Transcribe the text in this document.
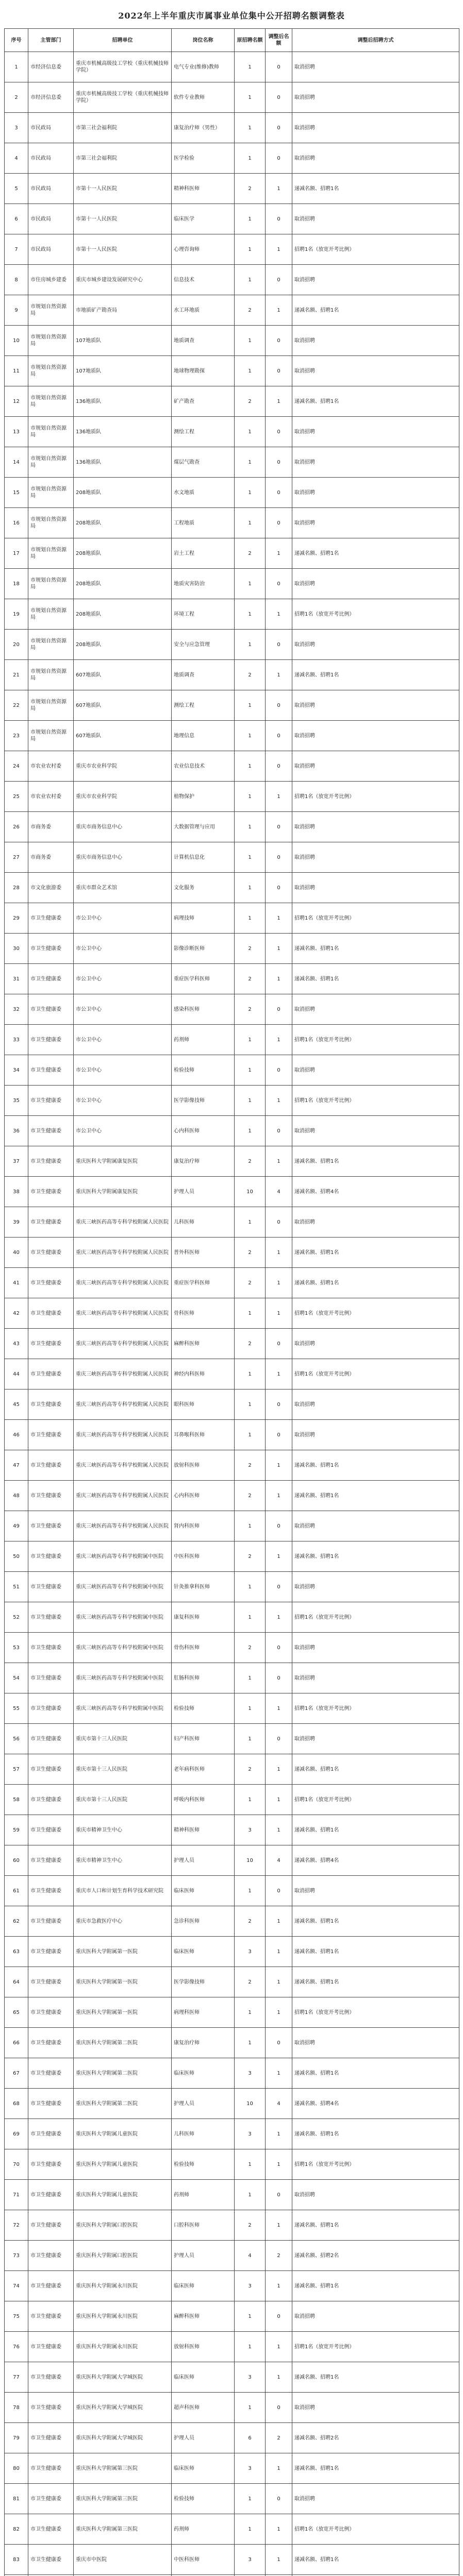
2022年上半年重庆市属事业单位集中公开招聘名额调整表
序号	主管部门	招聘单位	岗位名称	原招聘名额	调整后名额	调整后招聘方式
1	市经济信息委	重庆市机械高级技工学校（重庆机械技师学院）	电气专业(维修)教师	1	0	取消招聘
2	市经济信息委	重庆市机械高级技工学校（重庆机械技师学院）	软件专业教师	1	0	取消招聘
3	市民政局	市第三社会福利院	康复治疗师（男性）	1	0	取消招聘
4	市民政局	市第三社会福利院	医学检验	1	0	取消招聘
5	市民政局	市第十一人民医院	精神科医师	2	1	递减名额、招聘1名
6	市民政局	市第十一人民医院	临床医学	1	0	取消招聘
7	市民政局	市第十一人民医院	心理咨询师	1	1	招聘1名（放宽开考比例）
8	市住房城乡建委	重庆市城乡建设发展研究中心	信息技术	1	0	取消招聘
9	市规划自然资源局	市地质矿产勘查局	水工环地质	2	1	递减名额、招聘1名
10	市规划自然资源局	107地质队	地质调查	1	0	取消招聘
11	市规划自然资源局	107地质队	地球物理勘探	1	0	取消招聘
12	市规划自然资源局	136地质队	矿产勘查	2	1	递减名额、招聘1名
13	市规划自然资源局	136地质队	测绘工程	1	0	取消招聘
14	市规划自然资源局	136地质队	煤层气勘查	1	0	取消招聘
15	市规划自然资源局	208地质队	水文地质	1	0	取消招聘
16	市规划自然资源局	208地质队	工程地质	1	0	取消招聘
17	市规划自然资源局	208地质队	岩土工程	2	1	递减名额、招聘1名
18	市规划自然资源局	208地质队	地质灾害防治	1	0	取消招聘
19	市规划自然资源局	208地质队	环境工程	1	1	招聘1名（放宽开考比例）
20	市规划自然资源局	208地质队	安全与应急管理	1	0	取消招聘
21	市规划自然资源局	607地质队	地质调查	2	1	递减名额、招聘1名
22	市规划自然资源局	607地质队	测绘工程	1	0	取消招聘
23	市规划自然资源局	607地质队	地理信息	1	0	取消招聘
24	市农业农村委	重庆市农业科学院	农业信息技术	1	0	取消招聘
25	市农业农村委	重庆市农业科学院	植物保护	1	1	招聘1名（放宽开考比例）
26	市商务委	重庆市商务信息中心	大数据管理与应用	1	0	取消招聘
27	市商务委	重庆市商务信息中心	计算机信息化	1	0	取消招聘
28	市文化旅游委	重庆市群众艺术馆	文化服务	1	0	取消招聘
29	市卫生健康委	市公卫中心	病理技师	1	1	招聘1名（放宽开考比例）
30	市卫生健康委	市公卫中心	影像诊断医师	2	1	递减名额、招聘1名
31	市卫生健康委	市公卫中心	重症医学科医师	2	1	递减名额、招聘1名
32	市卫生健康委	市公卫中心	感染科医师	2	0	取消招聘
33	市卫生健康委	市公卫中心	药剂师	1	1	招聘1名（放宽开考比例）
34	市卫生健康委	市公卫中心	检验技师	1	0	取消招聘
35	市卫生健康委	市公卫中心	医学影像技师	1	1	招聘1名（放宽开考比例）
36	市卫生健康委	市公卫中心	心内科医师	1	0	取消招聘
37	市卫生健康委	重庆医科大学附属康复医院	康复治疗师	2	1	递减名额、招聘1名
38	市卫生健康委	重庆医科大学附属康复医院	护理人员	10	4	递减名额、招聘4名
39	市卫生健康委	重庆三峡医药高等专科学校附属人民医院	儿科医师	1	0	取消招聘
40	市卫生健康委	重庆三峡医药高等专科学校附属人民医院	普外科医师	2	1	递减名额、招聘1名
41	市卫生健康委	重庆三峡医药高等专科学校附属人民医院	重症医学科医师	2	1	递减名额、招聘1名
42	市卫生健康委	重庆三峡医药高等专科学校附属人民医院	骨科医师	1	1	招聘1名（放宽开考比例）
43	市卫生健康委	重庆三峡医药高等专科学校附属人民医院	麻醉科医师	2	0	取消招聘
44	市卫生健康委	重庆三峡医药高等专科学校附属人民医院	神经内科医师	1	1	招聘1名（放宽开考比例）
45	市卫生健康委	重庆三峡医药高等专科学校附属人民医院	眼科医师	1	0	取消招聘
46	市卫生健康委	重庆三峡医药高等专科学校附属人民医院	耳鼻喉科医师	1	0	取消招聘
47	市卫生健康委	重庆三峡医药高等专科学校附属人民医院	放射科医师	2	1	递减名额、招聘1名
48	市卫生健康委	重庆三峡医药高等专科学校附属人民医院	心内科医师	2	1	递减名额、招聘1名
49	市卫生健康委	重庆三峡医药高等专科学校附属人民医院	肾内科医师	1	0	取消招聘
50	市卫生健康委	重庆三峡医药高等专科学校附属中医院	中医科医师	2	1	递减名额、招聘1名
51	市卫生健康委	重庆三峡医药高等专科学校附属中医院	针灸推拿科医师	1	0	取消招聘
52	市卫生健康委	重庆三峡医药高等专科学校附属中医院	康复科医师	1	1	招聘1名（放宽开考比例）
53	市卫生健康委	重庆三峡医药高等专科学校附属中医院	骨伤科医师	2	0	取消招聘
54	市卫生健康委	重庆三峡医药高等专科学校附属中医院	肛肠科医师	1	0	取消招聘
55	市卫生健康委	重庆三峡医药高等专科学校附属中医院	检验技师	1	1	招聘1名（放宽开考比例）
56	市卫生健康委	重庆市第十三人民医院	妇产科医师	1	0	取消招聘
57	市卫生健康委	重庆市第十三人民医院	老年病科医师	2	1	递减名额、招聘1名
58	市卫生健康委	重庆市第十三人民医院	呼吸内科医师	1	1	招聘1名（放宽开考比例）
59	市卫生健康委	重庆市精神卫生中心	精神科医师	3	1	递减名额、招聘1名
60	市卫生健康委	重庆市精神卫生中心	护理人员	10	4	递减名额、招聘4名
61	市卫生健康委	重庆市人口和计划生育科学技术研究院	临床医师	1	0	取消招聘
62	市卫生健康委	重庆市急救医疗中心	急诊科医师	2	1	递减名额、招聘1名
63	市卫生健康委	重庆医科大学附属第一医院	临床医师	3	1	递减名额、招聘1名
64	市卫生健康委	重庆医科大学附属第一医院	医学影像技师	2	1	递减名额、招聘1名
65	市卫生健康委	重庆医科大学附属第一医院	病理科医师	1	1	招聘1名（放宽开考比例）
66	市卫生健康委	重庆医科大学附属第二医院	康复治疗师	1	0	取消招聘
67	市卫生健康委	重庆医科大学附属第二医院	临床医师	3	1	递减名额、招聘1名
68	市卫生健康委	重庆医科大学附属第二医院	护理人员	10	4	递减名额、招聘4名
69	市卫生健康委	重庆医科大学附属儿童医院	儿科医师	3	1	递减名额、招聘1名
70	市卫生健康委	重庆医科大学附属儿童医院	检验技师	1	1	招聘1名（放宽开考比例）
71	市卫生健康委	重庆医科大学附属儿童医院	药剂师	1	0	取消招聘
72	市卫生健康委	重庆医科大学附属口腔医院	口腔科医师	2	1	递减名额、招聘1名
73	市卫生健康委	重庆医科大学附属口腔医院	护理人员	4	2	递减名额、招聘2名
74	市卫生健康委	重庆医科大学附属永川医院	临床医师	3	1	递减名额、招聘1名
75	市卫生健康委	重庆医科大学附属永川医院	麻醉科医师	1	0	取消招聘
76	市卫生健康委	重庆医科大学附属永川医院	放射科医师	1	1	招聘1名（放宽开考比例）
77	市卫生健康委	重庆医科大学附属大学城医院	临床医师	3	1	递减名额、招聘1名
78	市卫生健康委	重庆医科大学附属大学城医院	超声科医师	1	0	取消招聘
79	市卫生健康委	重庆医科大学附属大学城医院	护理人员	6	2	递减名额、招聘2名
80	市卫生健康委	重庆医科大学附属第三医院	临床医师	3	1	递减名额、招聘1名
81	市卫生健康委	重庆医科大学附属第三医院	检验技师	1	0	取消招聘
82	市卫生健康委	重庆医科大学附属第三医院	药剂师	1	1	招聘1名（放宽开考比例）
83	市卫生健康委	重庆市中医院	中医科医师	3	1	递减名额、招聘1名
